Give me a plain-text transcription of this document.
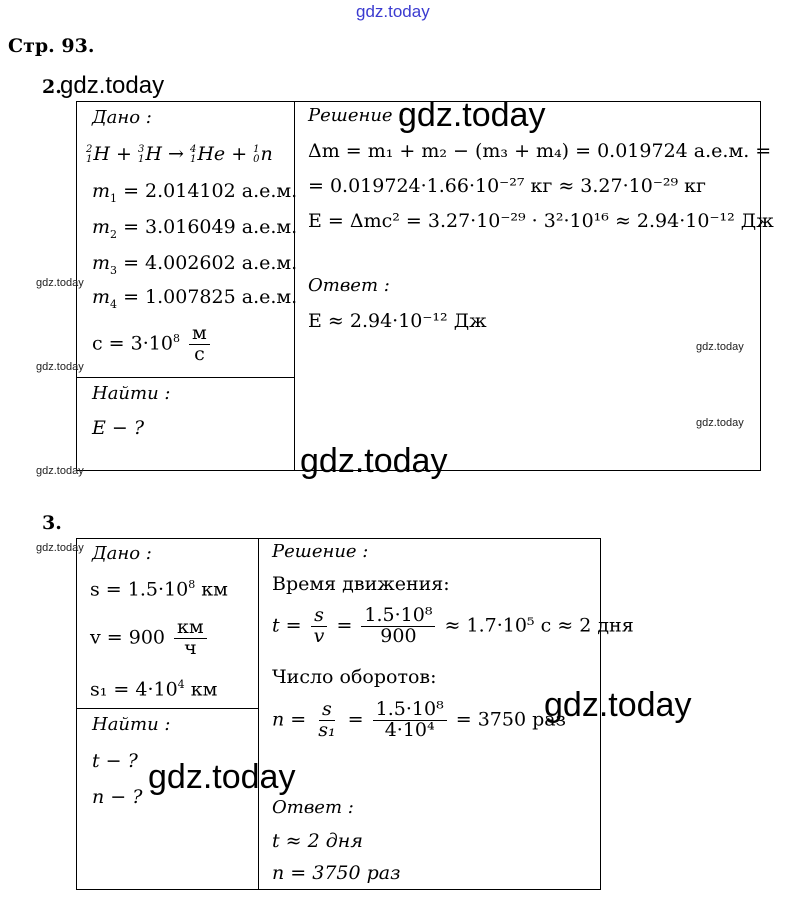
gdz.today
Стр. 93.
2.
gdz.today
Дано :
2
1 H + 3
1 H → 4
1 He + 1
0 n
$m_1 = 2.014102$ а.е.м.
$m_2 = 3.016049$ а.е.м.
$m_3 = 4.002602$ а.е.м.
$m_4 = 1.007825$ а.е.м.
$c = 3\cdot 10^8 \frac{м}{с}$
Найти :
E − ?
Решение :
Δm = m₁ + m₂ − (m₃ + m₄) = 0.019724 а.е.м. =
= 0.019724·1.66·10⁻²⁷ кг ≈ 3.27·10⁻²⁹ кг
E = Δmc² = 3.27·10⁻²⁹ · 3²·10¹⁶ ≈ 2.94·10⁻¹² Дж
Ответ :
E ≈ 2.94·10⁻¹² Дж
3.
Дано :
$s = 1.5\cdot 10^8$ км
$v = 900 \frac{км}{ч}$
$s_1 = 4\cdot 10^4$ км
Найти :
t − ?
n − ?
Решение :
Время движения:
$t = \frac{s}{v} = \frac{\text{1.5·10⁸}}{900} \approx 1.7\cdot 10^5$ с ≈ 2 дня
Число оборотов:
$n = \frac{s}{\text{s₁}} = \frac{\text{1.5·10⁸}}{\text{4·10⁴}} = 3750$ раз
Ответ :
t ≈ 2 дня
n = 3750 раз
gdz.today
gdz.today
gdz.today
gdz.today
gdz.today
gdz.today
gdz.today
gdz.today
gdz.today
gdz.today
